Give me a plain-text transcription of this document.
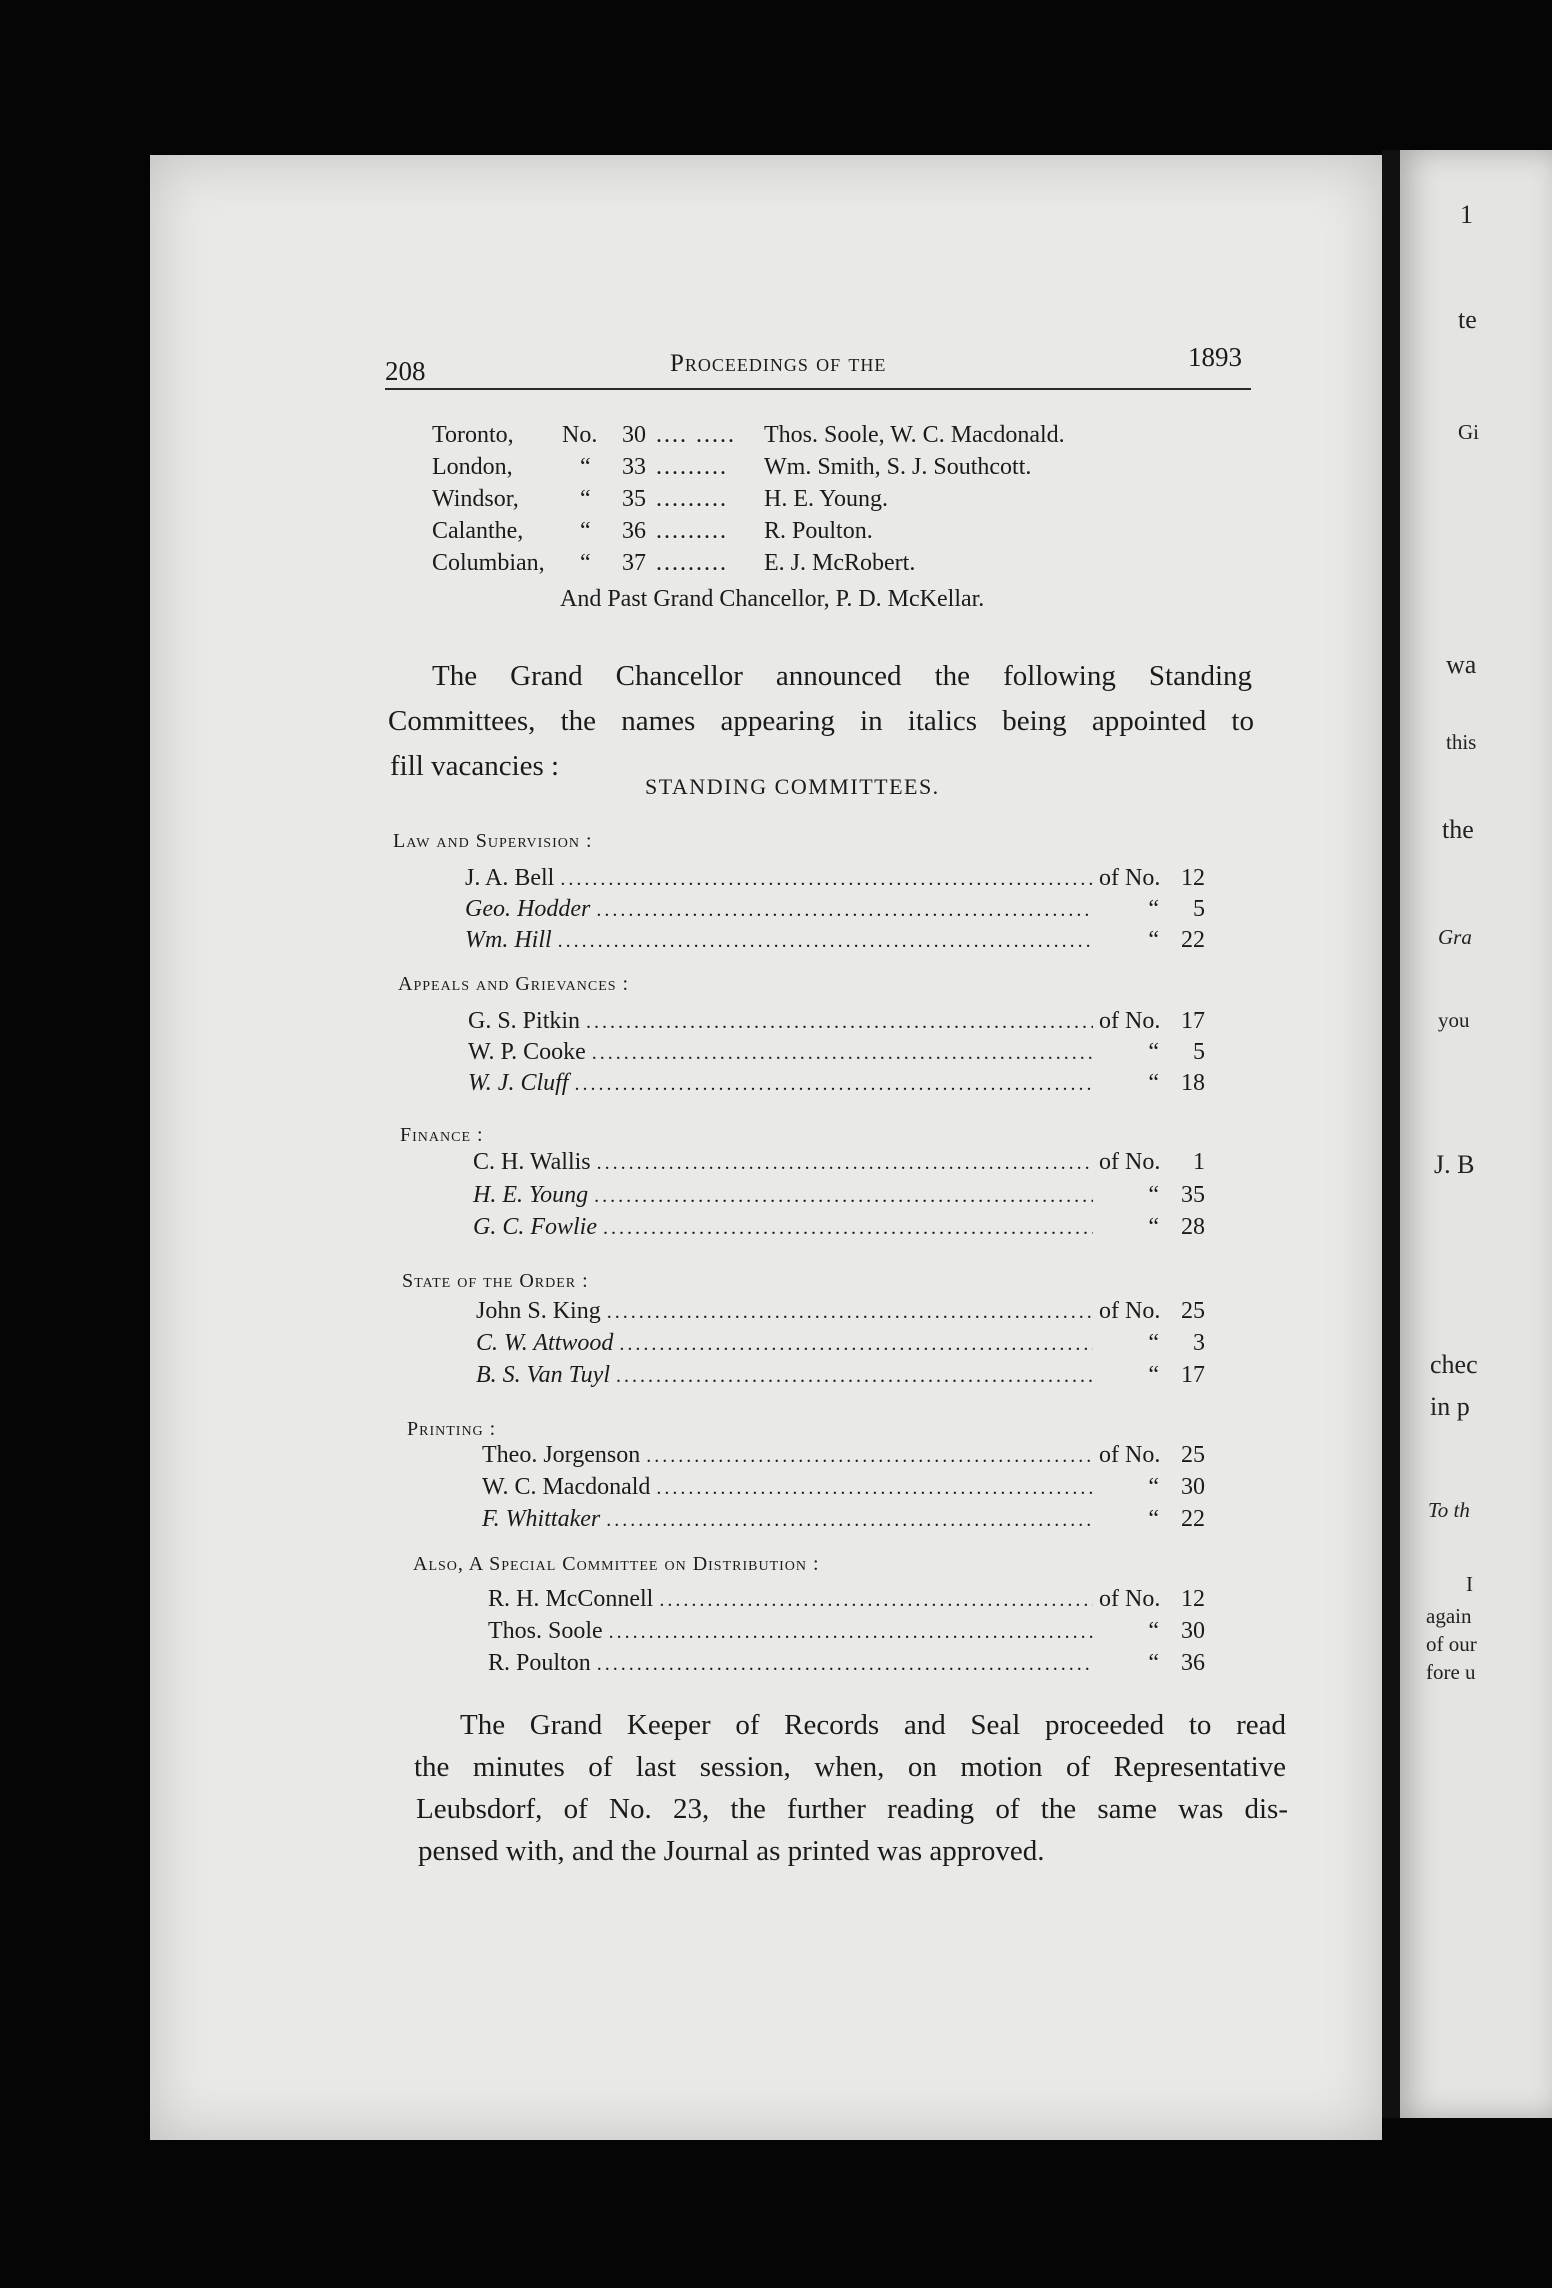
1
te
Gi
wa
this
the
Gra
you
J. B
chec
in p
To th
I
again
of our
fore u
208	Proceedings of the	1893
Toronto, No. 30 .... ..... Thos. Soole, W. C. Macdonald.
London,	“ 33 ......... Wm. Smith, S. J. Southcott.
Windsor,	“ 35 ......... H. E. Young.
Calanthe, “ 36 ......... R. Poulton.
Columbian, “ 37 ......... E. J. McRobert.
And Past Grand Chancellor, P. D. McKellar.
The Grand Chancellor announced the following Standing
Committees, the names appearing in italics being appointed to
fill vacancies :
STANDING COMMITTEES.
Law and Supervision :
J. A. Bell .....	of No. 12
Geo. Hodder .....	“	5
Wm. Hill .....	“ 22
Appeals and Grievances :
G. S. Pitkin .....	of No. 17
W. P. Cooke .....	“	5
W. J. Cluff .....	“ 18
Finance :
C. H. Wallis .....	of No.	1
H. E. Young .....	“ 35
G. C. Fowlie .....	“ 28
State of the Order :
John S. King .....	of No. 25
C. W. Attwood .....	“	3
B. S. Van Tuyl .....	“ 17
Printing :
Theo. Jorgenson .....	of No. 25
W. C. Macdonald .....	“ 30
F. Whittaker .....	“ 22
Also, A Special Committee on Distribution :
R. H. McConnell .....	of No. 12
Thos. Soole .....	“ 30
R. Poulton .....	“ 36
The Grand Keeper of Records and Seal proceeded to read
the minutes of last session, when, on motion of Representative
Leubsdorf, of No. 23, the further reading of the same was dis-
pensed with, and the Journal as printed was approved.
